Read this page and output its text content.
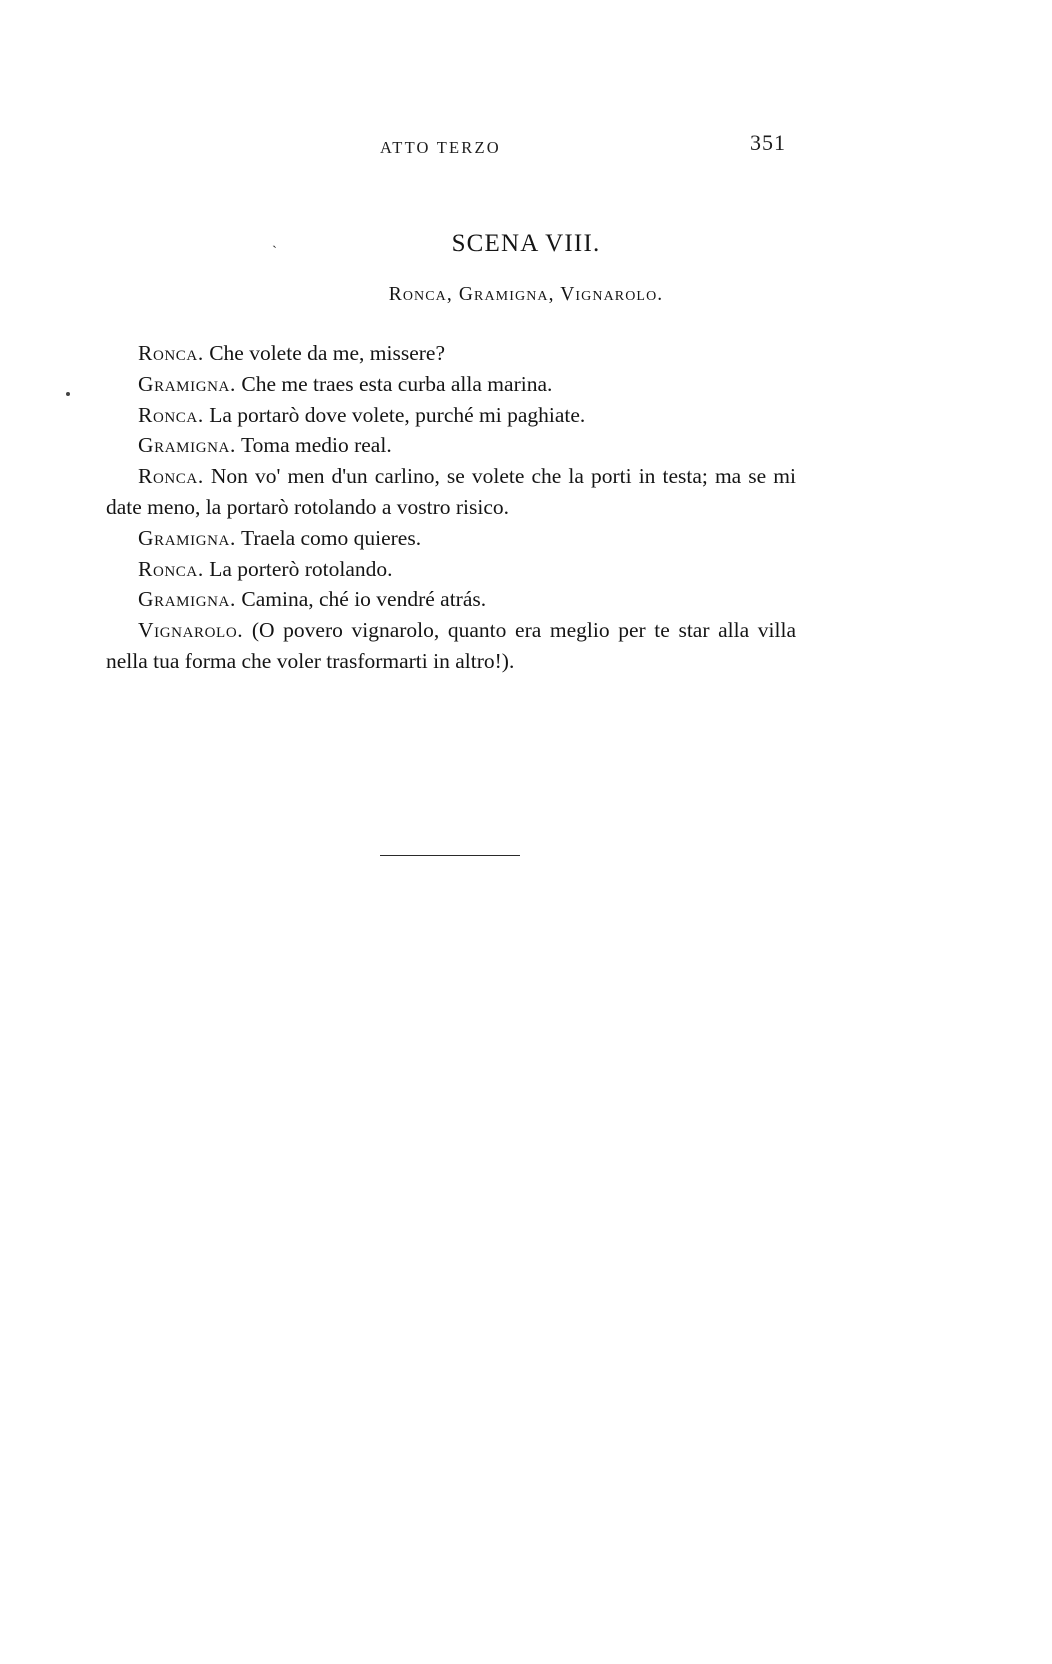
ATTO TERZO	351
`	SCENA VIII.
Ronca, Gramigna, Vignarolo.

Ronca. Che volete da me, missere?

Gramigna. Che me traes esta curba alla marina.

Ronca. La portarò dove volete, purché mi paghiate.

Gramigna. Toma medio real.

Ronca. Non vo' men d'un carlino, se volete che la porti in testa; ma se mi date meno, la portarò rotolando a vostro risico.

Gramigna. Traela como quieres.

Ronca. La porterò rotolando.

Gramigna. Camina, ché io vendré atrás.

Vignarolo. (O povero vignarolo, quanto era meglio per te star alla villa nella tua forma che voler trasformarti in altro!).
